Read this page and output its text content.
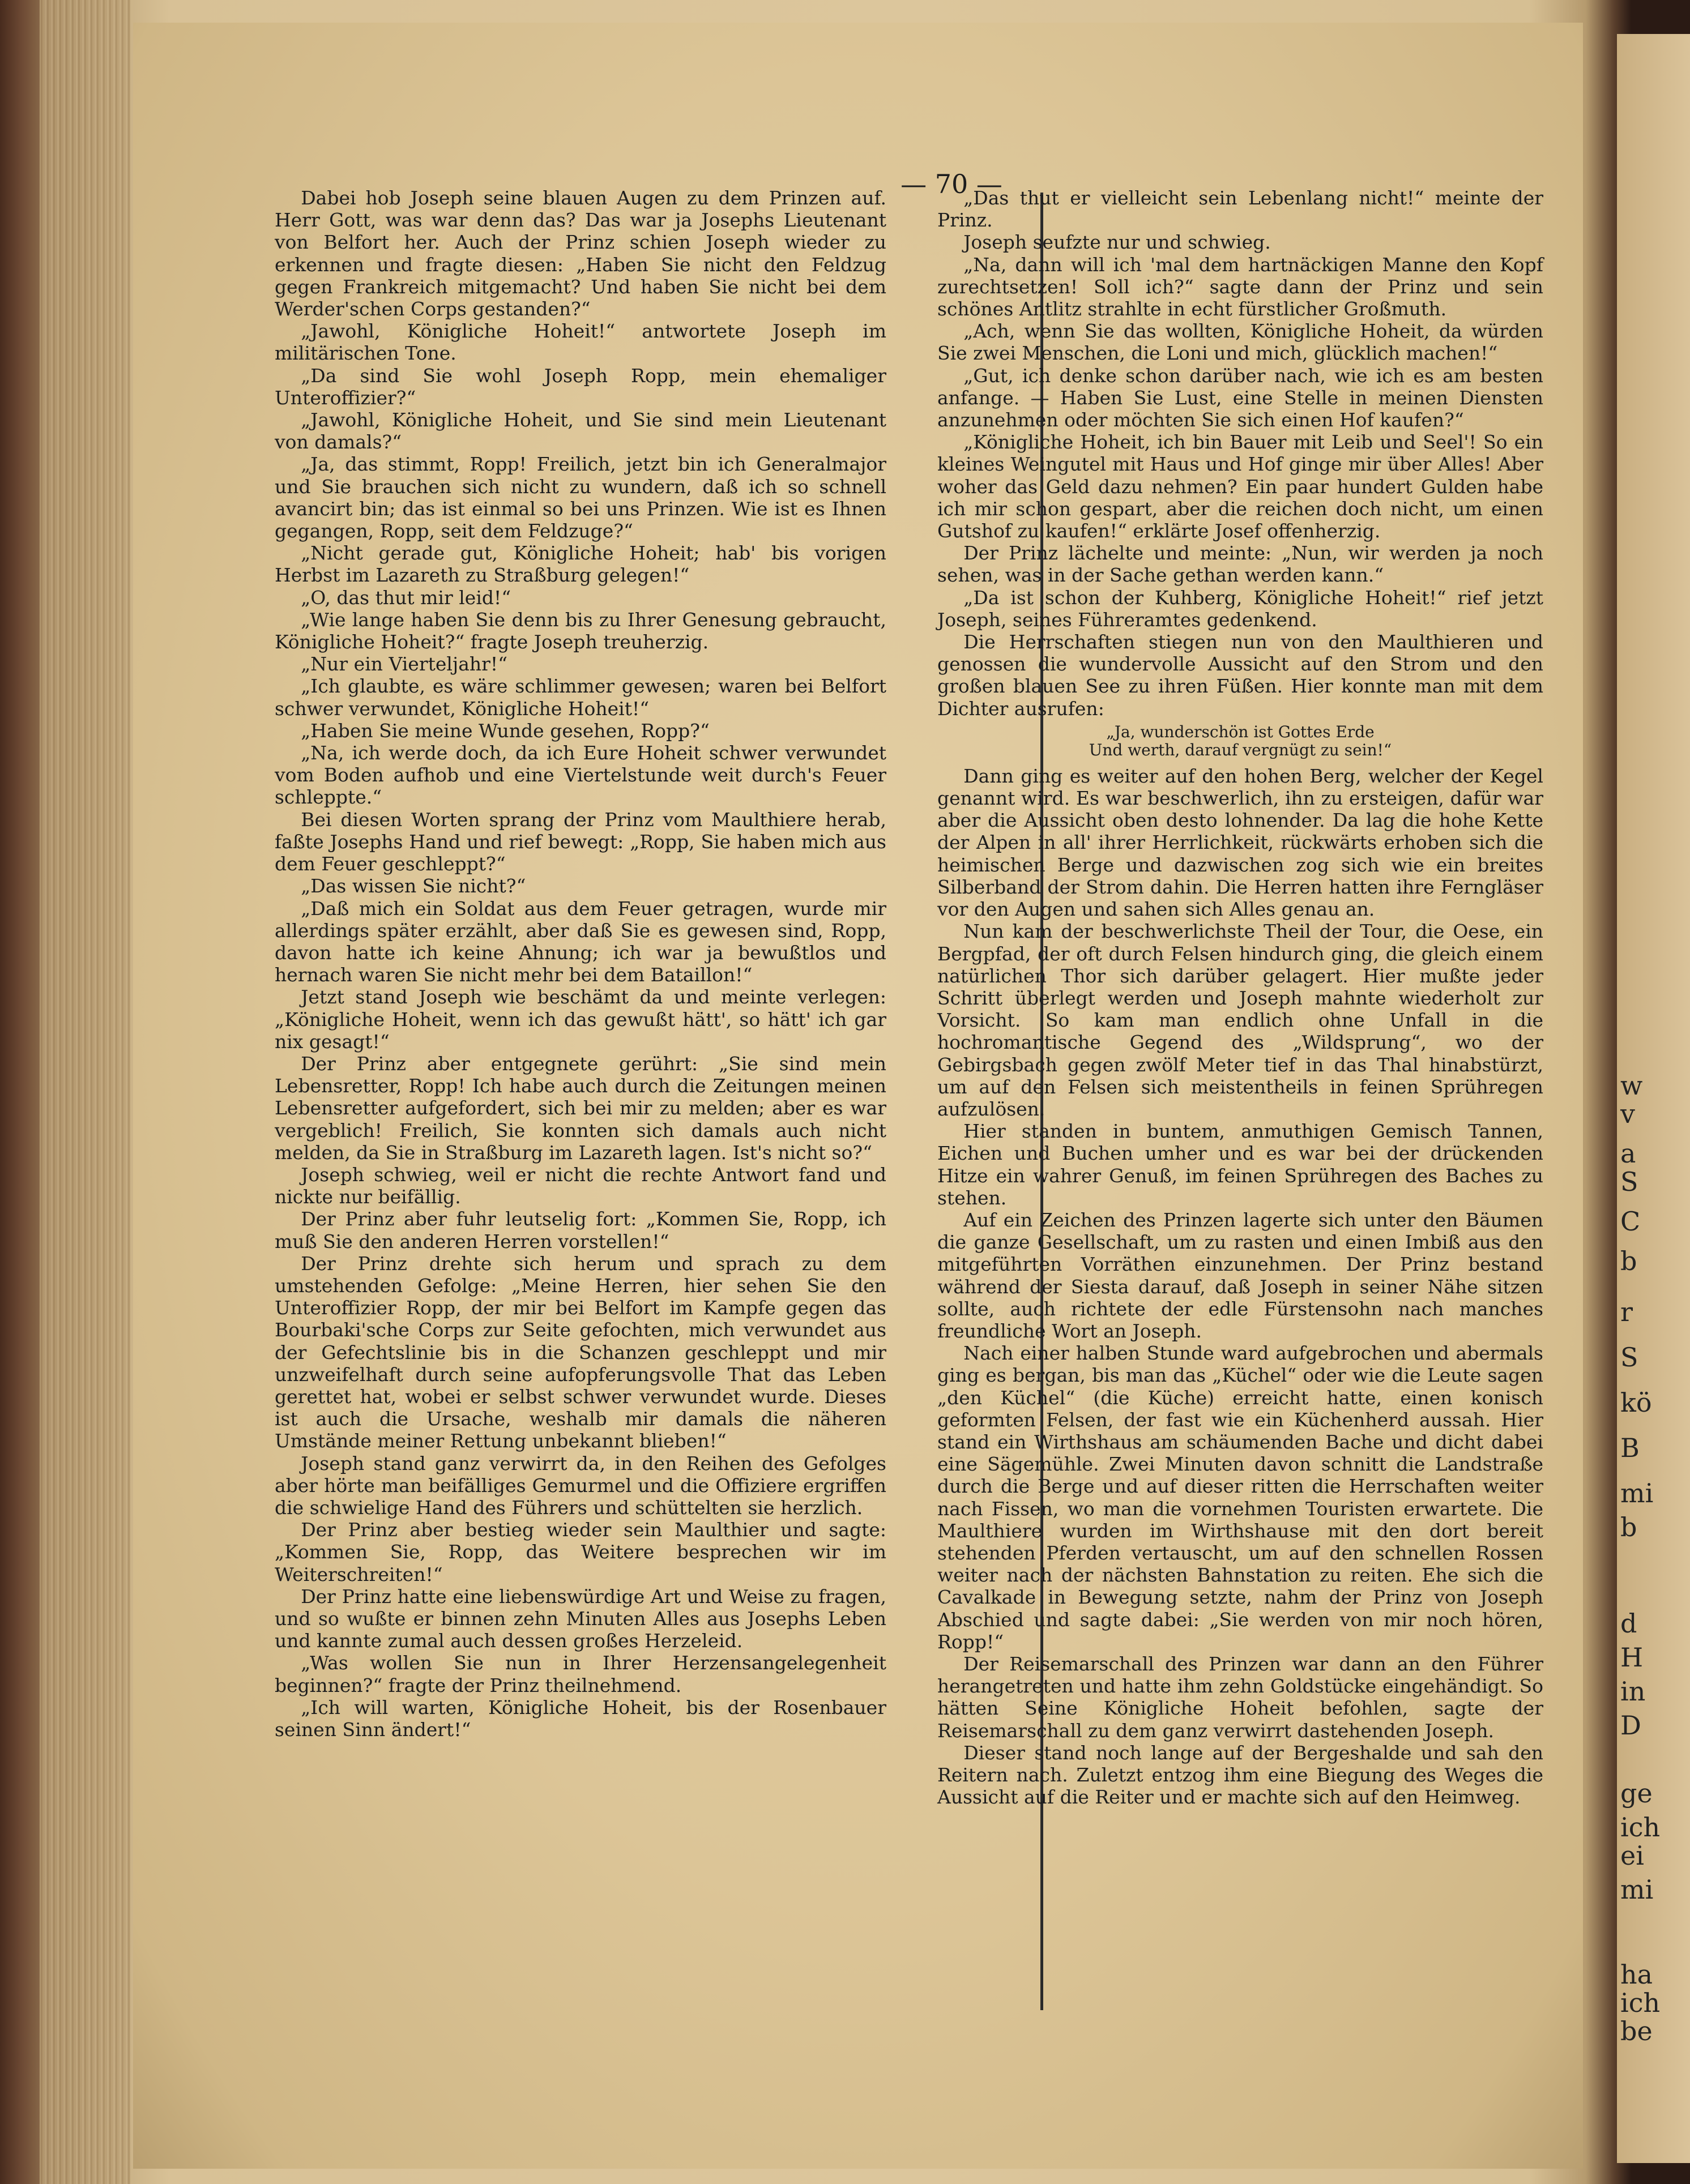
— 70 —

Dabei hob Joseph seine blauen Augen zu dem Prinzen auf. Herr Gott, was war denn das? Das war ja Josephs Lieutenant von Belfort her. Auch der Prinz schien Joseph wieder zu erkennen und fragte diesen: „Haben Sie nicht den Feldzug gegen Frankreich mitgemacht? Und haben Sie nicht bei dem Werder'schen Corps gestanden?“

„Jawohl, Königliche Hoheit!“ antwortete Joseph im militärischen Tone.

„Da sind Sie wohl Joseph Ropp, mein ehemaliger Unteroffizier?“

„Jawohl, Königliche Hoheit, und Sie sind mein Lieutenant von damals?“

„Ja, das stimmt, Ropp! Freilich, jetzt bin ich Generalmajor und Sie brauchen sich nicht zu wundern, daß ich so schnell avancirt bin; das ist einmal so bei uns Prinzen. Wie ist es Ihnen gegangen, Ropp, seit dem Feldzuge?“

„Nicht gerade gut, Königliche Hoheit; hab' bis vorigen Herbst im Lazareth zu Straßburg gelegen!“

„O, das thut mir leid!“

„Wie lange haben Sie denn bis zu Ihrer Genesung gebraucht, Königliche Hoheit?“ fragte Joseph treuherzig.

„Nur ein Vierteljahr!“

„Ich glaubte, es wäre schlimmer gewesen; waren bei Belfort schwer verwundet, Königliche Hoheit!“

„Haben Sie meine Wunde gesehen, Ropp?“

„Na, ich werde doch, da ich Eure Hoheit schwer verwundet vom Boden aufhob und eine Viertelstunde weit durch's Feuer schleppte.“

Bei diesen Worten sprang der Prinz vom Maulthiere herab, faßte Josephs Hand und rief bewegt: „Ropp, Sie haben mich aus dem Feuer geschleppt?“

„Das wissen Sie nicht?“

„Daß mich ein Soldat aus dem Feuer getragen, wurde mir allerdings später erzählt, aber daß Sie es gewesen sind, Ropp, davon hatte ich keine Ahnung; ich war ja bewußtlos und hernach waren Sie nicht mehr bei dem Bataillon!“

Jetzt stand Joseph wie beschämt da und meinte verlegen: „Königliche Hoheit, wenn ich das gewußt hätt', so hätt' ich gar nix gesagt!“

Der Prinz aber entgegnete gerührt: „Sie sind mein Lebensretter, Ropp! Ich habe auch durch die Zeitungen meinen Lebensretter aufgefordert, sich bei mir zu melden; aber es war vergeblich! Freilich, Sie konnten sich damals auch nicht melden, da Sie in Straßburg im Lazareth lagen. Ist's nicht so?“

Joseph schwieg, weil er nicht die rechte Antwort fand und nickte nur beifällig.

Der Prinz aber fuhr leutselig fort: „Kommen Sie, Ropp, ich muß Sie den anderen Herren vorstellen!“

Der Prinz drehte sich herum und sprach zu dem umstehenden Gefolge: „Meine Herren, hier sehen Sie den Unteroffizier Ropp, der mir bei Belfort im Kampfe gegen das Bourbaki'sche Corps zur Seite gefochten, mich verwundet aus der Gefechtslinie bis in die Schanzen geschleppt und mir unzweifelhaft durch seine aufopferungsvolle That das Leben gerettet hat, wobei er selbst schwer verwundet wurde. Dieses ist auch die Ursache, weshalb mir damals die näheren Umstände meiner Rettung unbekannt blieben!“

Joseph stand ganz verwirrt da, in den Reihen des Gefolges aber hörte man beifälliges Gemurmel und die Offiziere ergriffen die schwielige Hand des Führers und schüttelten sie herzlich.

Der Prinz aber bestieg wieder sein Maulthier und sagte: „Kommen Sie, Ropp, das Weitere besprechen wir im Weiterschreiten!“

Der Prinz hatte eine liebenswürdige Art und Weise zu fragen, und so wußte er binnen zehn Minuten Alles aus Josephs Leben und kannte zumal auch dessen großes Herzeleid.

„Was wollen Sie nun in Ihrer Herzensangelegenheit beginnen?“ fragte der Prinz theilnehmend.

„Ich will warten, Königliche Hoheit, bis der Rosenbauer seinen Sinn ändert!“

„Das thut er vielleicht sein Lebenlang nicht!“ meinte der Prinz.

Joseph seufzte nur und schwieg.

„Na, dann will ich 'mal dem hartnäckigen Manne den Kopf zurechtsetzen! Soll ich?“ sagte dann der Prinz und sein schönes Antlitz strahlte in echt fürstlicher Großmuth.

„Ach, wenn Sie das wollten, Königliche Hoheit, da würden Sie zwei Menschen, die Loni und mich, glücklich machen!“

„Gut, ich denke schon darüber nach, wie ich es am besten anfange. — Haben Sie Lust, eine Stelle in meinen Diensten anzunehmen oder möchten Sie sich einen Hof kaufen?“

„Königliche Hoheit, ich bin Bauer mit Leib und Seel'! So ein kleines Weingutel mit Haus und Hof ginge mir über Alles! Aber woher das Geld dazu nehmen? Ein paar hundert Gulden habe ich mir schon gespart, aber die reichen doch nicht, um einen Gutshof zu kaufen!“ erklärte Josef offenherzig.

Der Prinz lächelte und meinte: „Nun, wir werden ja noch sehen, was in der Sache gethan werden kann.“

„Da ist schon der Kuhberg, Königliche Hoheit!“ rief jetzt Joseph, seines Führeramtes gedenkend.

Die Herrschaften stiegen nun von den Maulthieren und genossen die wundervolle Aussicht auf den Strom und den großen blauen See zu ihren Füßen. Hier konnte man mit dem Dichter ausrufen:

„Ja, wunderschön ist Gottes Erde
Und werth, darauf vergnügt zu sein!“

Dann ging es weiter auf den hohen Berg, welcher der Kegel genannt wird. Es war beschwerlich, ihn zu ersteigen, dafür war aber die Aussicht oben desto lohnender. Da lag die hohe Kette der Alpen in all' ihrer Herrlichkeit, rückwärts erhoben sich die heimischen Berge und dazwischen zog sich wie ein breites Silberband der Strom dahin. Die Herren hatten ihre Ferngläser vor den Augen und sahen sich Alles genau an.

Nun kam der beschwerlichste Theil der Tour, die Oese, ein Bergpfad, der oft durch Felsen hindurch ging, die gleich einem natürlichen Thor sich darüber gelagert. Hier mußte jeder Schritt überlegt werden und Joseph mahnte wiederholt zur Vorsicht. So kam man endlich ohne Unfall in die hochromantische Gegend des „Wildsprung“, wo der Gebirgsbach gegen zwölf Meter tief in das Thal hinabstürzt, um auf den Felsen sich meistentheils in feinen Sprühregen aufzulösen.

Hier standen in buntem, anmuthigen Gemisch Tannen, Eichen und Buchen umher und es war bei der drückenden Hitze ein wahrer Genuß, im feinen Sprühregen des Baches zu stehen.

Auf ein Zeichen des Prinzen lagerte sich unter den Bäumen die ganze Gesellschaft, um zu rasten und einen Imbiß aus den mitgeführten Vorräthen einzunehmen. Der Prinz bestand während der Siesta darauf, daß Joseph in seiner Nähe sitzen sollte, auch richtete der edle Fürstensohn nach manches freundliche Wort an Joseph.

Nach einer halben Stunde ward aufgebrochen und abermals ging es bergan, bis man das „Küchel“ oder wie die Leute sagen „den Küchel“ (die Küche) erreicht hatte, einen konisch geformten Felsen, der fast wie ein Küchenherd aussah. Hier stand ein Wirthshaus am schäumenden Bache und dicht dabei eine Sägemühle. Zwei Minuten davon schnitt die Landstraße durch die Berge und auf dieser ritten die Herrschaften weiter nach Fissen, wo man die vornehmen Touristen erwartete. Die Maulthiere wurden im Wirthshause mit den dort bereit stehenden Pferden vertauscht, um auf den schnellen Rossen weiter nach der nächsten Bahnstation zu reiten. Ehe sich die Cavalkade in Bewegung setzte, nahm der Prinz von Joseph Abschied und sagte dabei: „Sie werden von mir noch hören, Ropp!“

Der Reisemarschall des Prinzen war dann an den Führer herangetreten und hatte ihm zehn Goldstücke eingehändigt. So hätten Seine Königliche Hoheit befohlen, sagte der Reisemarschall zu dem ganz verwirrt dastehenden Joseph.

Dieser stand noch lange auf der Bergeshalde und sah den Reitern nach. Zuletzt entzog ihm eine Biegung des Weges die Aussicht auf die Reiter und er machte sich auf den Heimweg.

w
v
a
S
C
b
r
S
kö
B
mi
b
d
H
in
D
ge
ich
ei
mi
ha
ich
be
